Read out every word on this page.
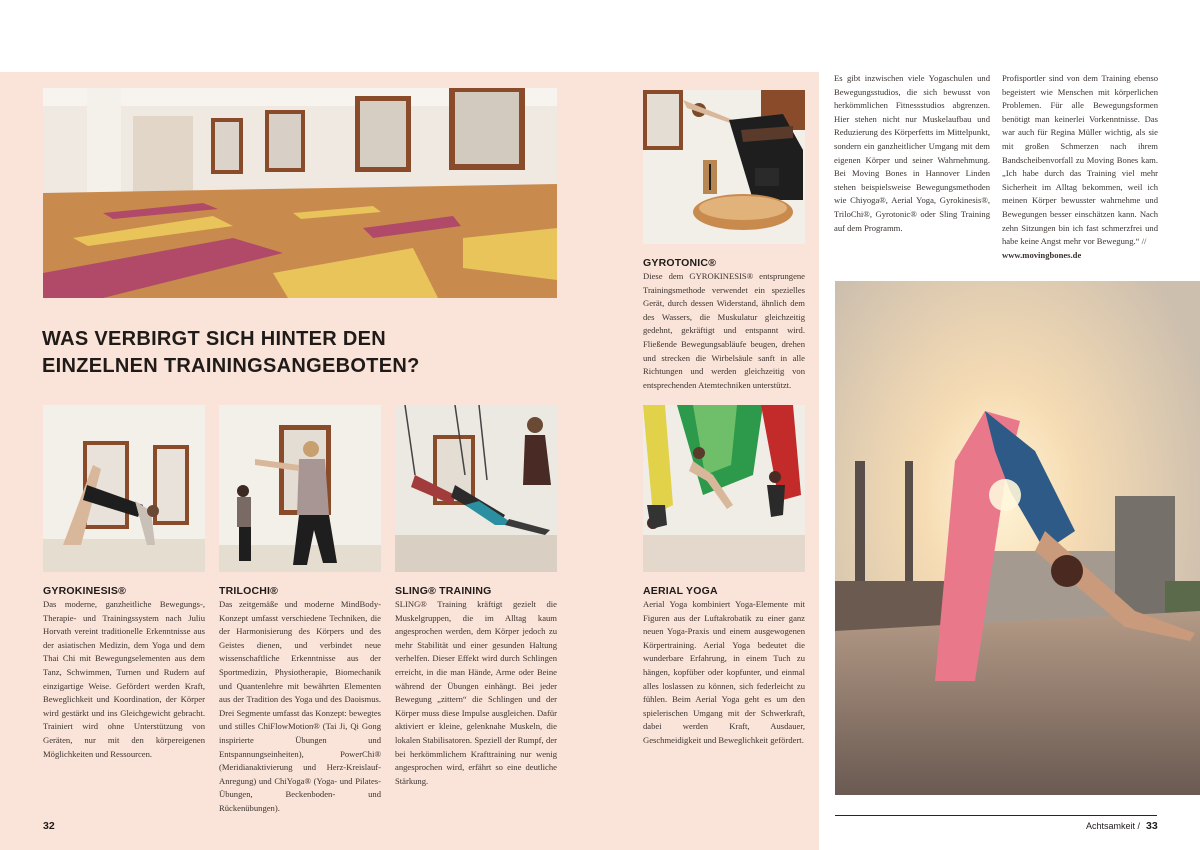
WAS VERBIRGT SICH HINTER DEN
EINZELNEN TRAININGSANGEBOTEN?
GYROKINESIS®

Das moderne, ganzheitliche Bewegungs-, Therapie- und Trainingssystem nach Juliu Horvath vereint traditionelle Erkenntnisse aus der asiatischen Medizin, dem Yoga und dem Thai Chi mit Bewegungselementen aus dem Tanz, Schwimmen, Turnen und Rudern auf einzigartige Weise. Gefördert werden Kraft, Beweglichkeit und Koordination, der Körper wird gestärkt und ins Gleichgewicht gebracht. Trainiert wird ohne Unterstützung von Geräten, nur mit den körpereigenen Möglichkeiten und Ressourcen.

TRILOCHI®

Das zeitgemäße und moderne MindBody-Konzept umfasst verschiedene Techniken, die der Harmonisierung des Körpers und des Geistes dienen, und verbindet neue wissenschaftliche Erkenntnisse aus der Sportmedizin, Physiotherapie, Biomechanik und Quantenlehre mit bewährten Elementen aus der Tradition des Yoga und des Daoismus. Drei Segmente umfasst das Konzept: bewegtes und stilles ChiFlowMotion® (Tai Ji, Qi Gong inspirierte Übungen und Entspannungseinheiten), PowerChi® (Meridianaktivierung und Herz-Kreislauf-Anregung) und ChiYoga® (Yoga- und Pilates-Übungen, Beckenboden- und Rückenübungen).

SLING® TRAINING

SLING® Training kräftigt gezielt die Muskelgruppen, die im Alltag kaum angesprochen werden, dem Körper jedoch zu mehr Stabilität und einer gesunden Haltung verhelfen. Dieser Effekt wird durch Schlingen erreicht, in die man Hände, Arme oder Beine während der Übungen einhängt. Bei jeder Bewegung „zittern“ die Schlingen und der Körper muss diese Impulse ausgleichen. Dafür aktiviert er kleine, gelenknahe Muskeln, die lokalen Stabilisatoren. Speziell der Rumpf, der bei herkömmlichem Krafttraining nur wenig angesprochen wird, erfährt so eine deutliche Stärkung.

GYROTONIC®

Diese dem GYROKINESIS® entsprungene Trainingsmethode verwendet ein spezielles Gerät, durch dessen Widerstand, ähnlich dem des Wassers, die Muskulatur gleichzeitig gedehnt, gekräftigt und entspannt wird. Fließende Bewegungsabläufe beugen, drehen und strecken die Wirbelsäule sanft in alle Richtungen und werden gleichzeitig von entsprechenden Atemtechniken unterstützt.

AERIAL YOGA

Aerial Yoga kombiniert Yoga-Elemente mit Figuren aus der Luftakrobatik zu einer ganz neuen Yoga-Praxis und einem ausgewogenen Körpertraining. Aerial Yoga bedeutet die wunderbare Erfahrung, in einem Tuch zu hängen, kopfüber oder kopfunter, und einmal alles loslassen zu können, sich federleicht zu fühlen. Beim Aerial Yoga geht es um den spielerischen Umgang mit der Schwerkraft, dabei werden Kraft, Ausdauer, Geschmeidigkeit und Beweglichkeit gefördert.

32

Es gibt inzwischen viele Yogaschulen und Bewegungsstudios, die sich bewusst von herkömmlichen Fitnessstudios abgrenzen. Hier stehen nicht nur Muskelaufbau und Reduzierung des Körperfetts im Mittelpunkt, sondern ein ganzheitlicher Umgang mit dem eigenen Körper und seiner Wahrnehmung. Bei Moving Bones in Hannover Linden stehen beispielsweise Bewegungsmethoden wie Chiyoga®, Aerial Yoga, Gyrokinesis®, TriloChi®, Gyrotonic® oder Sling Training auf dem Programm.

Profisportler sind von dem Training ebenso begeistert wie Menschen mit körperlichen Problemen. Für alle Bewegungsformen benötigt man keinerlei Vorkenntnisse. Das war auch für Regina Müller wichtig, als sie mit großen Schmerzen nach ihrem Bandscheibenvorfall zu Moving Bones kam. „Ich habe durch das Training viel mehr Sicherheit im Alltag bekommen, weil ich meinen Körper bewusster wahrnehme und Bewegungen besser einschätzen kann. Nach zehn Sitzungen bin ich fast schmerzfrei und habe keine Angst mehr vor Bewegung.“ //

www.movingbones.de

Achtsamkeit / 33
